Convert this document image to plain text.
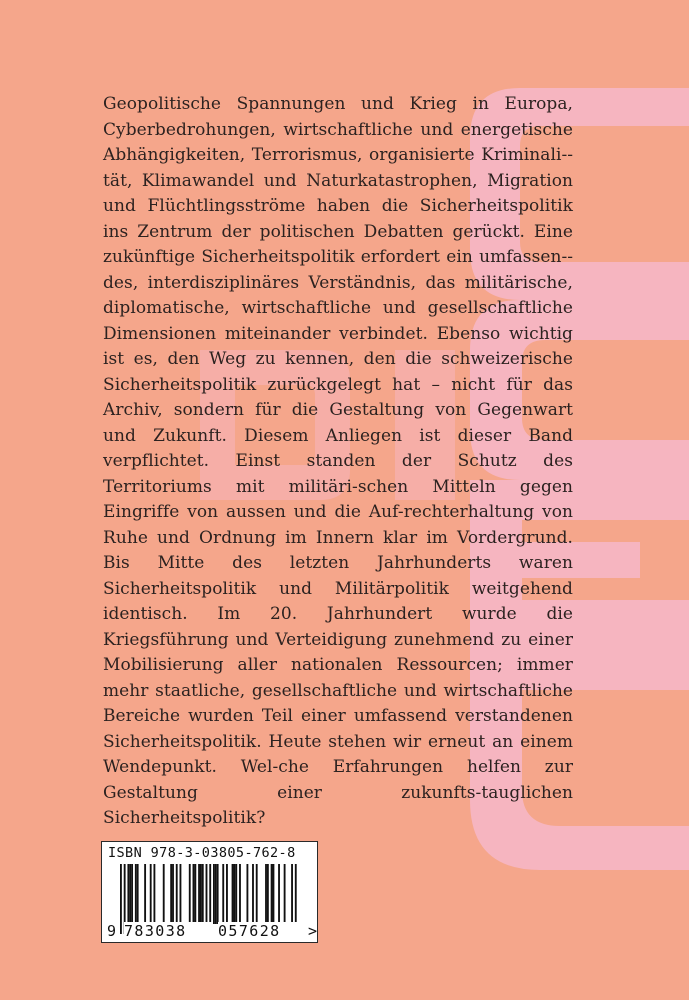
Geopolitische Spannungen und Krieg in Europa, Cyberbedrohungen, wirtschaftliche und energetische Abhängigkeiten, Terrorismus, organisierte Kriminali-tät, Klimawandel und Naturkatastrophen, Migration und Flüchtlingsströme haben die Sicherheitspolitik ins Zentrum der politischen Debatten gerückt. Eine zukünftige Sicherheitspolitik erfordert ein umfassen-des, interdisziplinäres Verständnis, das militärische, diplomatische, wirtschaftliche und gesellschaftliche Dimensionen miteinander verbindet. Ebenso wichtig ist es, den Weg zu kennen, den die schweizerische Sicherheitspolitik zurückgelegt hat – nicht für das Archiv, sondern für die Gestaltung von Gegenwart und Zukunft. Diesem Anliegen ist dieser Band verpflichtet. Einst standen der Schutz des Territoriums mit militäri-schen Mitteln gegen Eingriffe von aussen und die Auf-rechterhaltung von Ruhe und Ordnung im Innern klar im Vordergrund. Bis Mitte des letzten Jahrhunderts waren Sicherheitspolitik und Militärpolitik weitgehend identisch. Im 20. Jahrhundert wurde die Kriegsführung und Verteidigung zunehmend zu einer Mobilisierung aller nationalen Ressourcen; immer mehr staatliche, gesellschaftliche und wirtschaftliche Bereiche wurden Teil einer umfassend verstandenen Sicherheitspolitik. Heute stehen wir erneut an einem Wendepunkt. Wel-che Erfahrungen helfen zur Gestaltung einer zukunfts-tauglichen Sicherheitspolitik?

ISBN 978-3-03805-762-8
9 783038	057628	>
